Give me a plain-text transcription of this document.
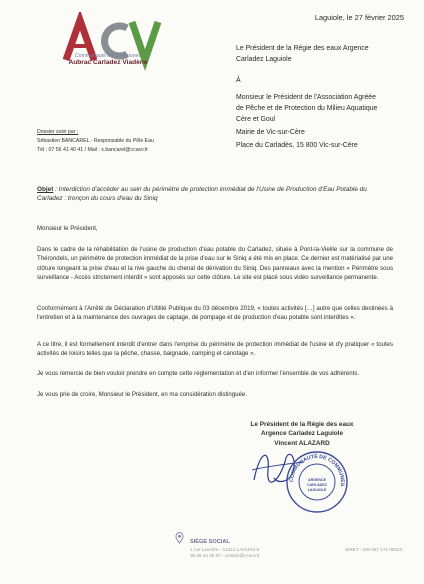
Communauté de Communes
Aubrac Carladez Viadène
Laguiole, le 27 février 2025
Le Président de la Régie des eaux Argence
Carladez Laguiole
À
Monsieur le Président de l'Association Agréée
de Pêche et de Protection du Milieu Aquatique
Cère et Goul
Mairie de Vic-sur-Cère
Place du Carladès, 15 800 Vic-sur-Cère
Dossier suivi par :
Sébastien BANCAREL - Responsable du Pôle Eau
Tél : 07 56 41 40 41 / Mail : s.bancarel@ccacv.fr
Objet : Interdiction d'accéder au sein du périmètre de protection immédiat de l'Usine de Production d'Eau Potable du Carladez : tronçon du cours d'eau du Siniq
Monsieur le Président,
Dans le cadre de la réhabilitation de l'usine de production d'eau potable du Carladez, située à Pont-la-Vieille sur la commune de Thérondels, un périmètre de protection immédiat de la prise d'eau sur le Siniq a été mis en place. Ce dernier est matérialisé par une clôture longeant la prise d'eau et la rive gauche du chenal de dérivation du Siniq. Des panneaux avec la mention « Périmètre sous surveillance - Accès strictement interdit » sont apposés sur cette clôture. Le site est placé sous vidéo surveillance permanente.
Conformément à l'Arrêté de Déclaration d'Utilité Publique du 03 décembre 2019, « toutes activités […] autre que celles destinées à l'entretien et à la maintenance des ouvrages de captage, de pompage et de production d'eau potable sont interdites ».
A ce titre, il est formellement interdit d'entrer dans l'emprise du périmètre de protection immédiat de l'usine et d'y pratiquer « toutes activités de loisirs telles que la pêche, chasse, baignade, camping et canotage ».
Je vous remercie de bien vouloir prendre en compte cette réglementation et d'en informer l'ensemble de vos adhérents.
Je vous prie de croire, Monsieur le Président, en ma considération distinguée.
Le Président de la Régie des eaux
Argence Carladez Laguiole
Vincent ALAZARD
COMMUNAUTÉ DE COMMUNES
ARGENCE
CARLADEZ
LAGUIOLE
SIÈGE SOCIAL
1 rue Laurière - 12210 LAGUIOLE
05 65 44 35 87 - contact@ccacv.fr
SIRET : 200 067 171 00013
